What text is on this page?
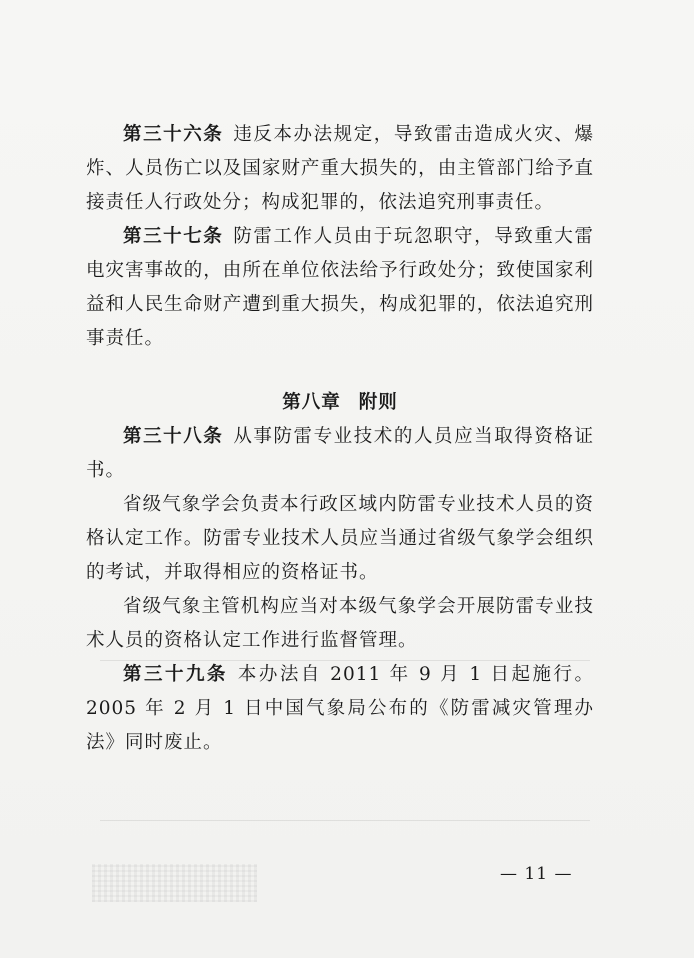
第三十六条 违反本办法规定，导致雷击造成火灾、爆炸、人员伤亡以及国家财产重大损失的，由主管部门给予直接责任人行政处分；构成犯罪的，依法追究刑事责任。

第三十七条 防雷工作人员由于玩忽职守，导致重大雷电灾害事故的，由所在单位依法给予行政处分；致使国家利益和人民生命财产遭到重大损失，构成犯罪的，依法追究刑事责任。

第八章 附则

第三十八条 从事防雷专业技术的人员应当取得资格证书。

省级气象学会负责本行政区域内防雷专业技术人员的资格认定工作。防雷专业技术人员应当通过省级气象学会组织的考试，并取得相应的资格证书。

省级气象主管机构应当对本级气象学会开展防雷专业技术人员的资格认定工作进行监督管理。

第三十九条 本办法自 2011 年 9 月 1 日起施行。2005 年 2 月 1 日中国气象局公布的《防雷减灾管理办法》同时废止。

— 11 —
